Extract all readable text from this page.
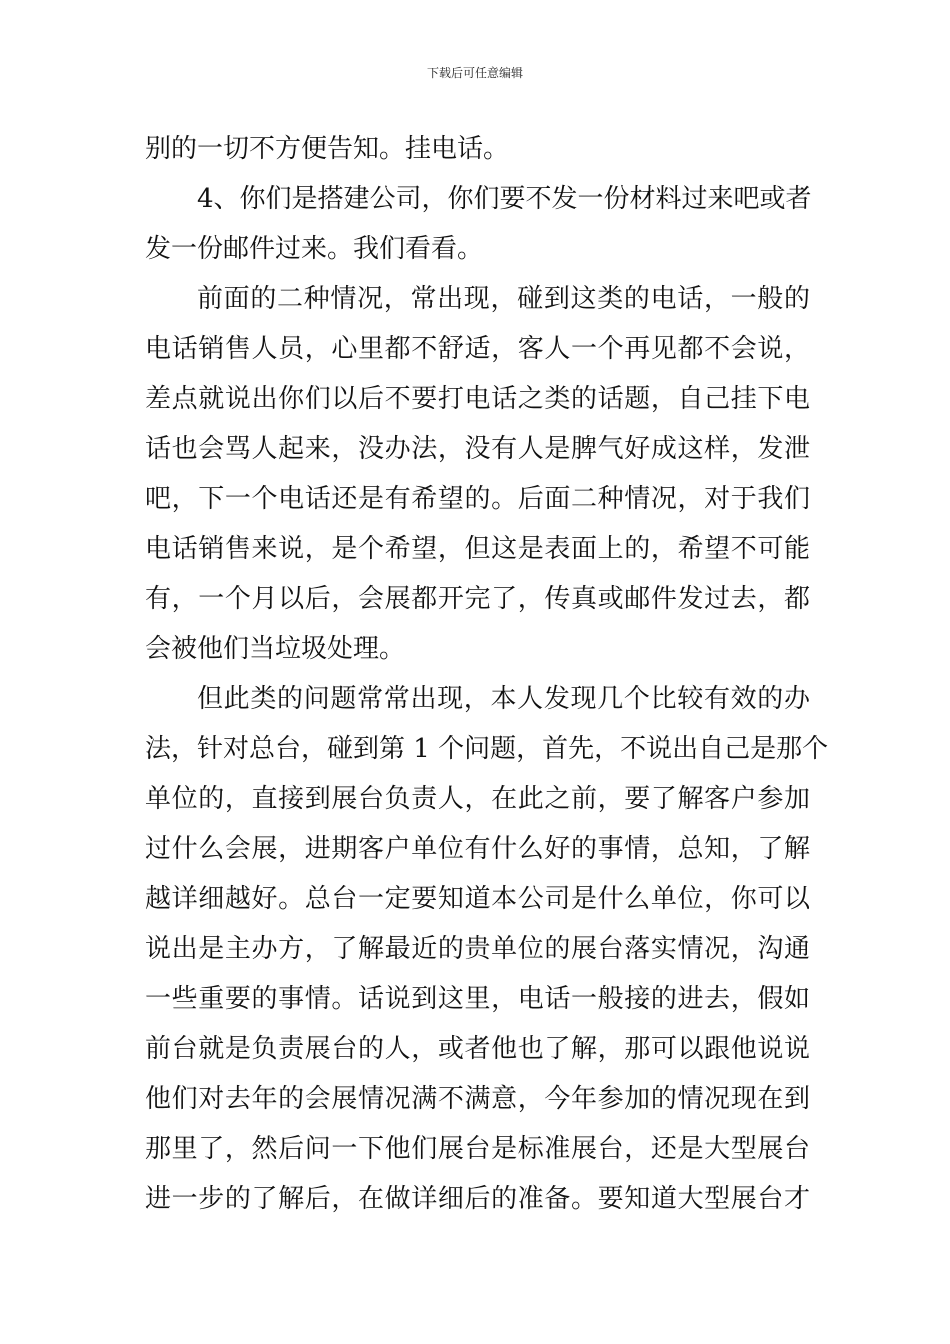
下载后可任意编辑
别的一切不方便告知。挂电话。
4、你们是搭建公司，你们要不发一份材料过来吧或者
发一份邮件过来。我们看看。
前面的二种情况，常出现，碰到这类的电话，一般的
电话销售人员，心里都不舒适，客人一个再见都不会说，
差点就说出你们以后不要打电话之类的话题，自己挂下电
话也会骂人起来，没办法，没有人是脾气好成这样，发泄
吧，下一个电话还是有希望的。后面二种情况，对于我们
电话销售来说，是个希望，但这是表面上的，希望不可能
有，一个月以后，会展都开完了，传真或邮件发过去，都
会被他们当垃圾处理。
但此类的问题常常出现，本人发现几个比较有效的办
法，针对总台，碰到第 1 个问题，首先，不说出自己是那个
单位的，直接到展台负责人，在此之前，要了解客户参加
过什么会展，进期客户单位有什么好的事情，总知，了解
越详细越好。总台一定要知道本公司是什么单位，你可以
说出是主办方，了解最近的贵单位的展台落实情况，沟通
一些重要的事情。话说到这里，电话一般接的进去，假如
前台就是负责展台的人，或者他也了解，那可以跟他说说
他们对去年的会展情况满不满意，今年参加的情况现在到
那里了，然后问一下他们展台是标准展台，还是大型展台
进一步的了解后，在做详细后的准备。要知道大型展台才
